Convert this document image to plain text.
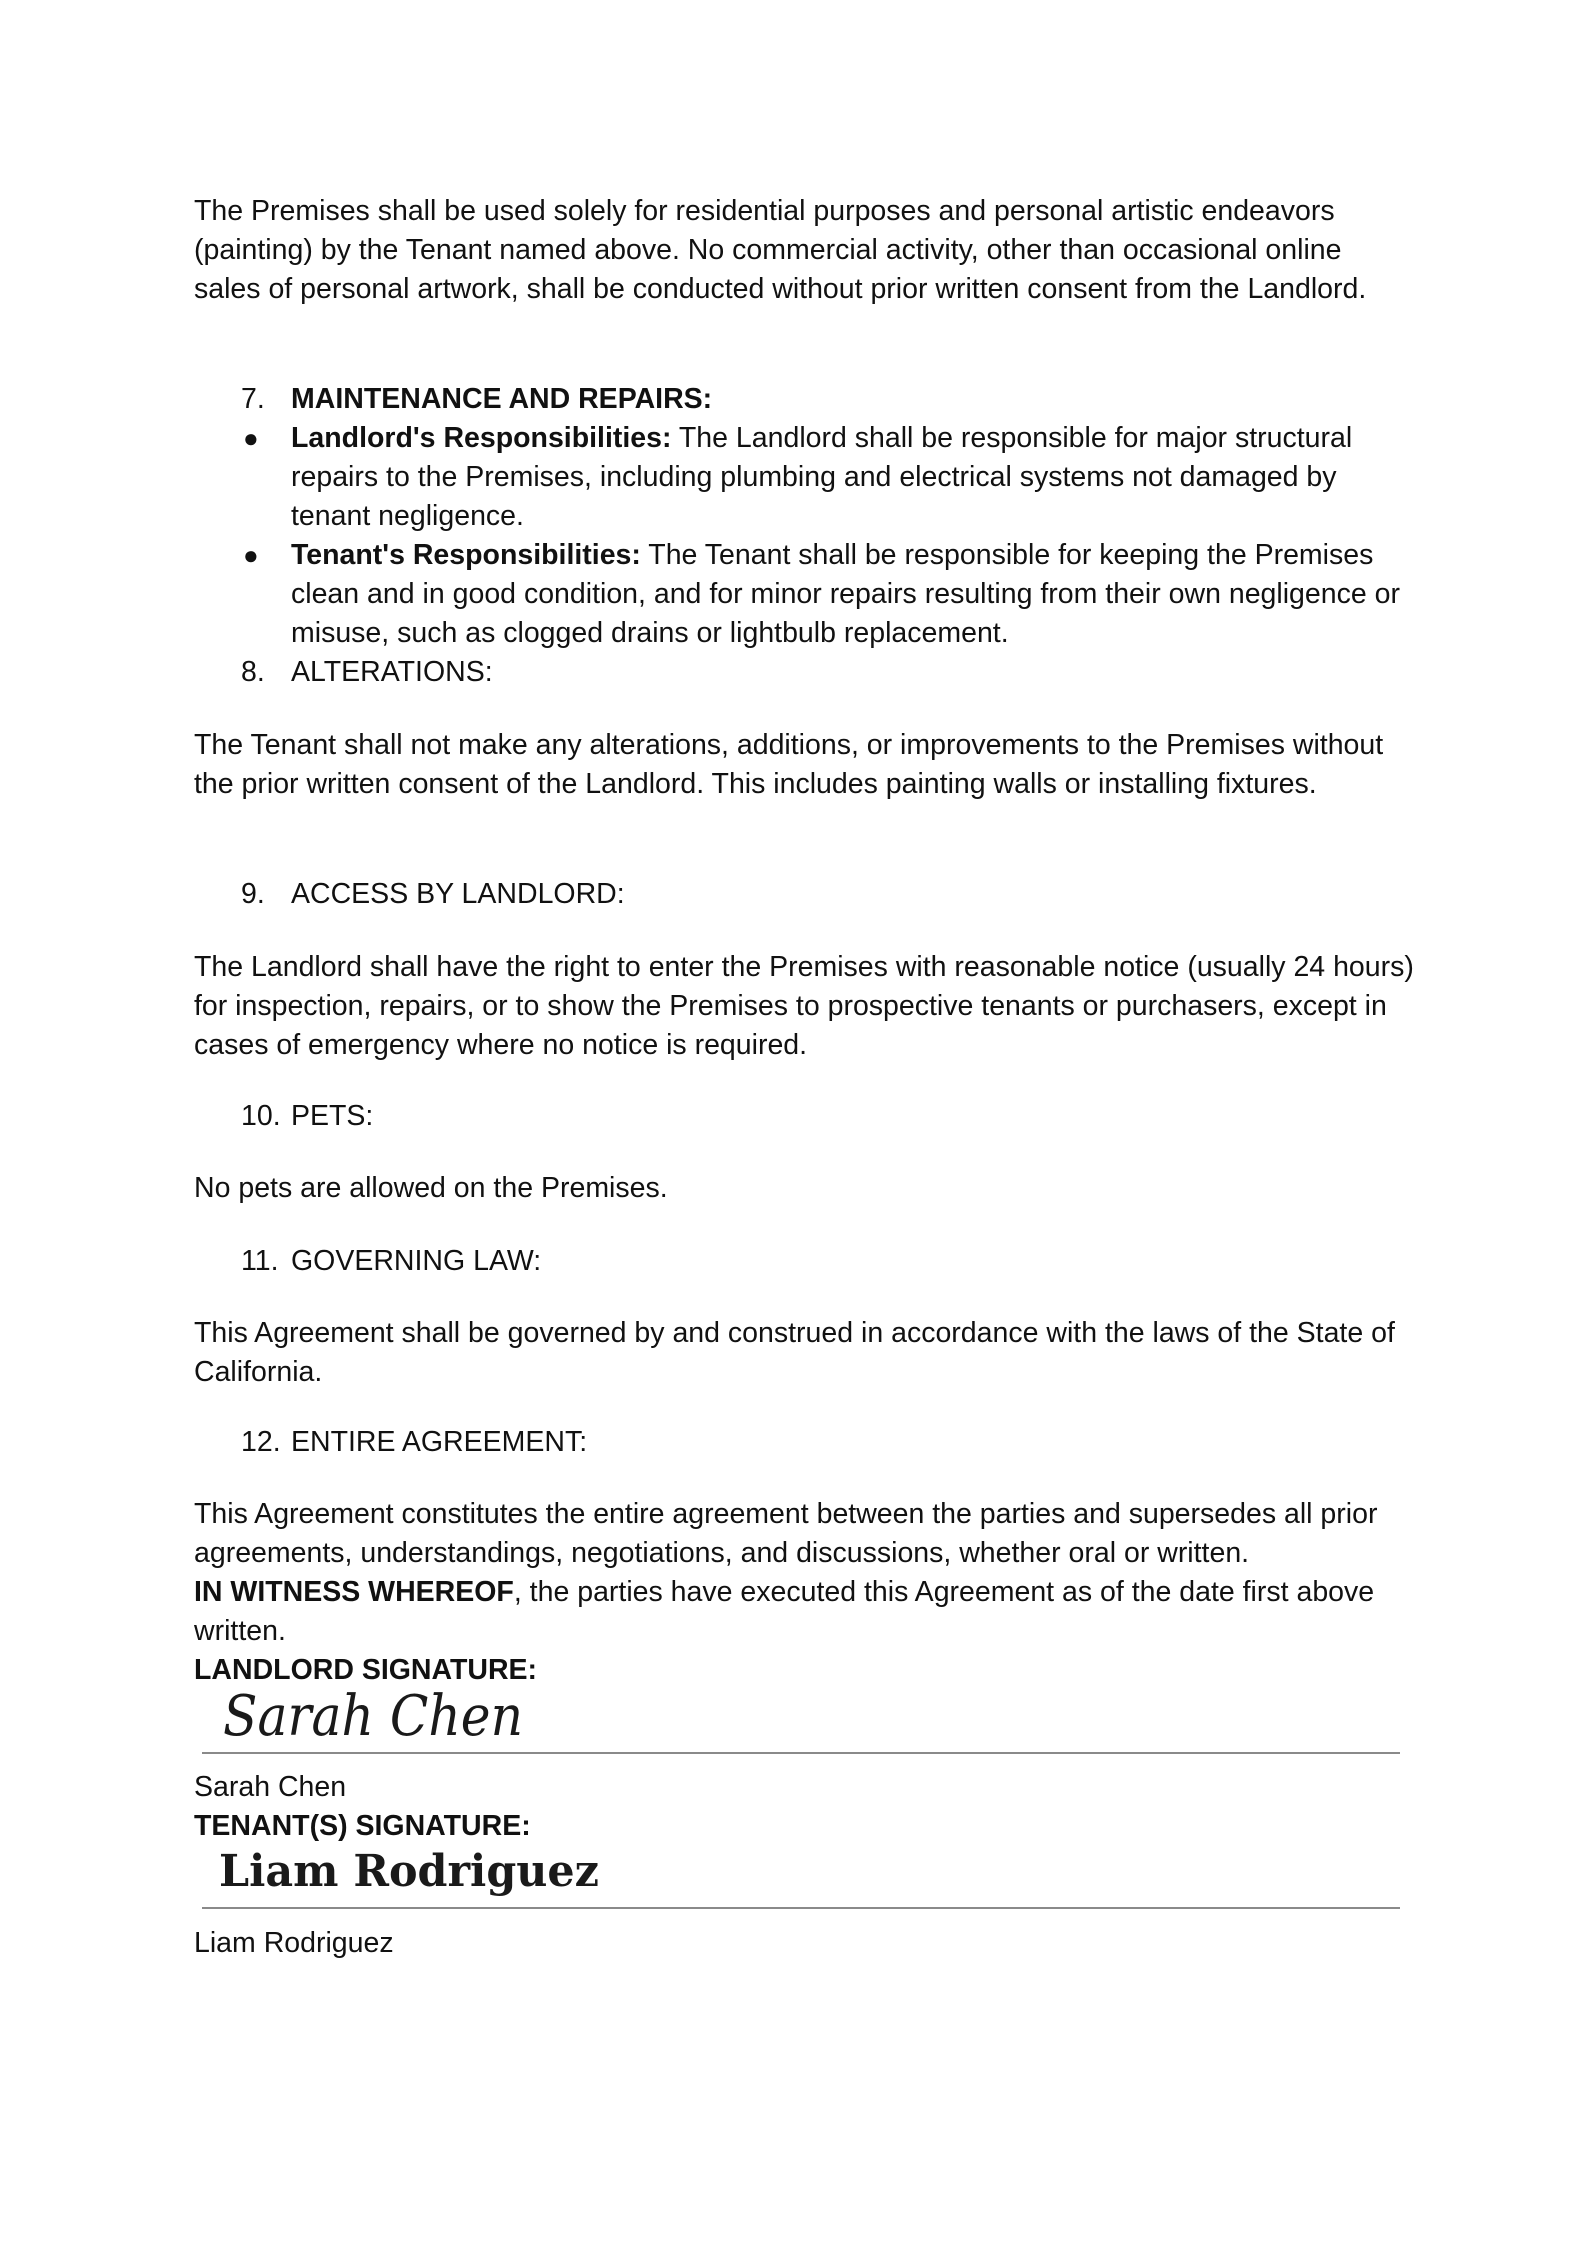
The Premises shall be used solely for residential purposes and personal artistic endeavors (painting) by the Tenant named above. No commercial activity, other than occasional online sales of personal artwork, shall be conducted without prior written consent from the Landlord.

7. MAINTENANCE AND REPAIRS:
● Landlord's Responsibilities: The Landlord shall be responsible for major structural repairs to the Premises, including plumbing and electrical systems not damaged by tenant negligence.

● Tenant's Responsibilities: The Tenant shall be responsible for keeping the Premises clean and in good condition, and for minor repairs resulting from their own negligence or misuse, such as clogged drains or lightbulb replacement.

8. ALTERATIONS:

The Tenant shall not make any alterations, additions, or improvements to the Premises without the prior written consent of the Landlord. This includes painting walls or installing fixtures.

9. ACCESS BY LANDLORD:

The Landlord shall have the right to enter the Premises with reasonable notice (usually 24 hours) for inspection, repairs, or to show the Premises to prospective tenants or purchasers, except in cases of emergency where no notice is required.

10. PETS:

No pets are allowed on the Premises.

11. GOVERNING LAW:

This Agreement shall be governed by and construed in accordance with the laws of the State of California.

12. ENTIRE AGREEMENT:

This Agreement constitutes the entire agreement between the parties and supersedes all prior agreements, understandings, negotiations, and discussions, whether oral or written.

IN WITNESS WHEREOF, the parties have executed this Agreement as of the date first above written.

LANDLORD SIGNATURE:

Sarah Chen

Sarah Chen

TENANT(S) SIGNATURE:

Liam Rodriguez

Liam Rodriguez
